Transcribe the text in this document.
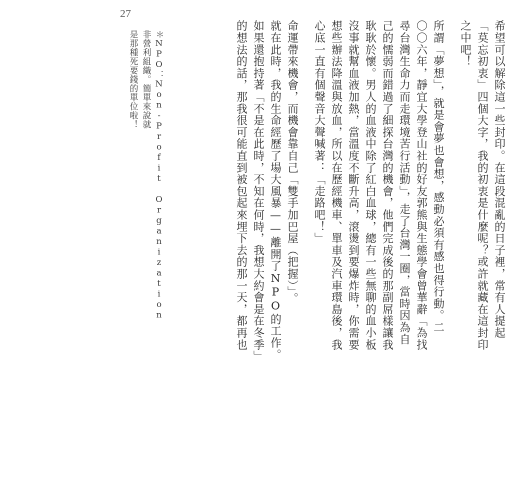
27
＊NPO：Non-Profit Organization
非營利組織。簡單來說就
是那種死要錢的單位啦！	希望可以解除這一些封印。在這段混亂的日子裡，常有人提起
「莫忘初衷」四個大字，我的初衷是什麼呢？或許就藏在這封印
之中吧！
所謂「夢想」，就是會夢也會想，感動必須有感也得行動。二
〇〇六年，靜宜大學登山社的好友郭熊與生態學會曾華辭「為找
尋台灣生命力而走環境苦行活動」，走了台灣一圈，當時因為自
己的懦弱而錯過了細探台灣的機會，他們完成後的那副屌樣讓我
耿耿於懷。男人的血液中除了紅白血球，總有一些無聊的血小板
沒事就幫血液加熱，當溫度不斷升高，滾燙到要爆炸時，你需要
想些辦法降溫與放血，所以在歷經機車、單車及汽車環島後，我
心底一直有個聲音大聲喊著：「走路吧！」
命運帶來機會，而機會靠自己「雙手加巴屋（把握）」。
就在此時，我的生命經歷了場大風暴——離開了NPO的工作。
如果還抱持著「不是在此時，不知在何時，我想大約會是在冬季」
的想法的話，那我很可能直到被包起來埋下去的那一天，都再也
